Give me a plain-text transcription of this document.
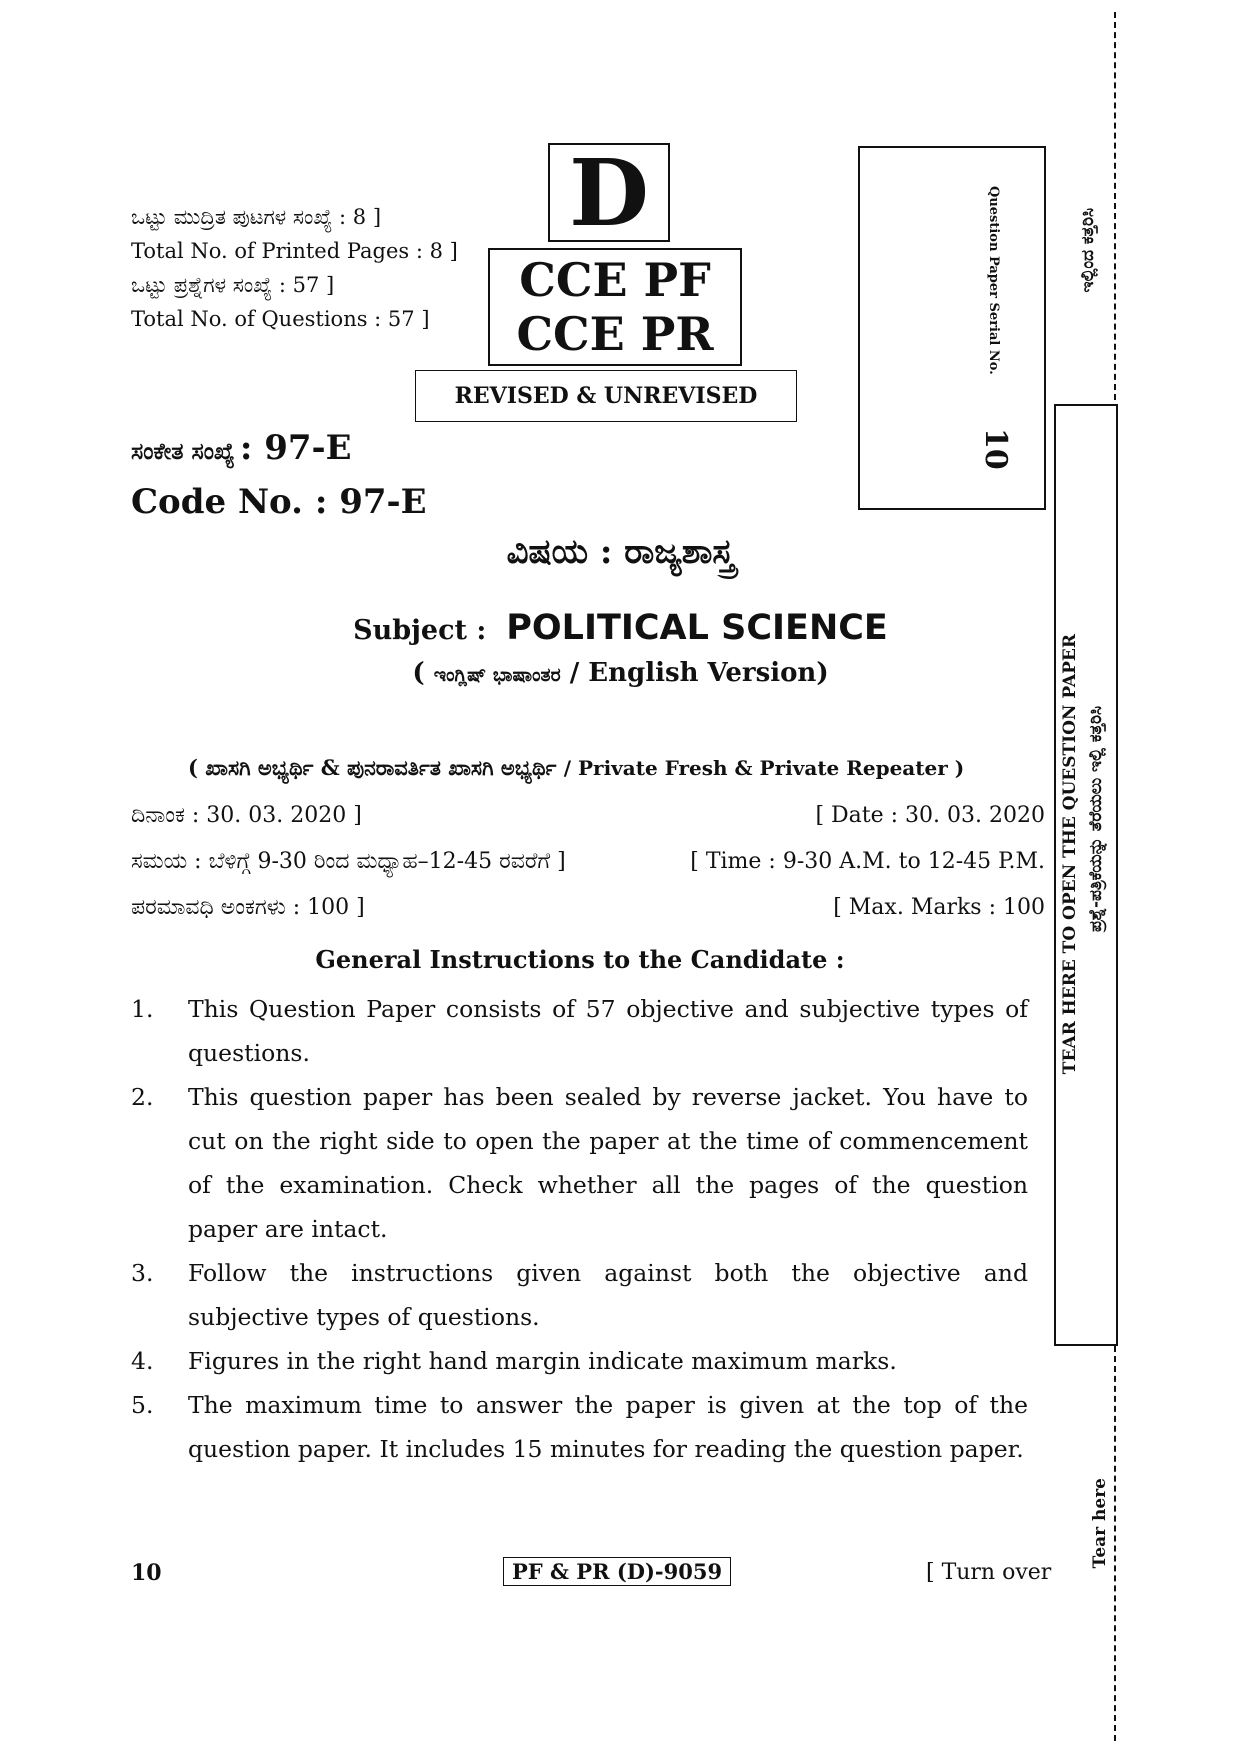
ಒಟ್ಟು ಮುದ್ರಿತ ಪುಟಗಳ ಸಂಖ್ಯೆ : 8 ]
Total No. of Printed Pages : 8 ]
ಒಟ್ಟು ಪ್ರಶ್ನೆಗಳ ಸಂಖ್ಯೆ : 57 ]
Total No. of Questions : 57 ]
D
CCE PF
CCE PR
REVISED & UNREVISED
Question Paper Serial No.
10
ಸಂಕೇತ ಸಂಖ್ಯೆ : 97-E
Code No. : 97-E
ವಿಷಯ : ರಾಜ್ಯಶಾಸ್ತ್ರ
Subject : POLITICAL SCIENCE
( ಇಂಗ್ಲಿಷ್ ಭಾಷಾಂತರ / English Version)
( ಖಾಸಗಿ ಅಭ್ಯರ್ಥಿ & ಪುನರಾವರ್ತಿತ ಖಾಸಗಿ ಅಭ್ಯರ್ಥಿ / Private Fresh & Private Repeater )
ದಿನಾಂಕ : 30. 03. 2020 ]	[ Date : 30. 03. 2020
ಸಮಯ : ಬೆಳಿಗ್ಗೆ 9-30 ರಿಂದ ಮಧ್ಯಾಹ–12-45 ರವರೆಗೆ ]	[ Time : 9-30 A.M. to 12-45 P.M.
ಪರಮಾವಧಿ ಅಂಕಗಳು : 100 ]	[ Max. Marks : 100
General Instructions to the Candidate :
1. This Question Paper consists of 57 objective and subjective types of questions.
2. This question paper has been sealed by reverse jacket. You have to cut on the right side to open the paper at the time of commencement of the examination. Check whether all the pages of the question paper are intact.
3. Follow the instructions given against both the objective and subjective types of questions.
4. Figures in the right hand margin indicate maximum marks.
5. The maximum time to answer the paper is given at the top of the question paper. It includes 15 minutes for reading the question paper.
10	PF & PR (D)-9059	[ Turn over
ಇಲ್ಲಿಂದ ಕತ್ತರಿಸಿ
TEAR HERE TO OPEN THE QUESTION PAPER ಪ್ರಶ್ನೆ-ಪತ್ರಿಕೆಯನ್ನು ತೆರೆಯಲು ಇಲ್ಲಿ ಕತ್ತರಿಸಿ
Tear here
